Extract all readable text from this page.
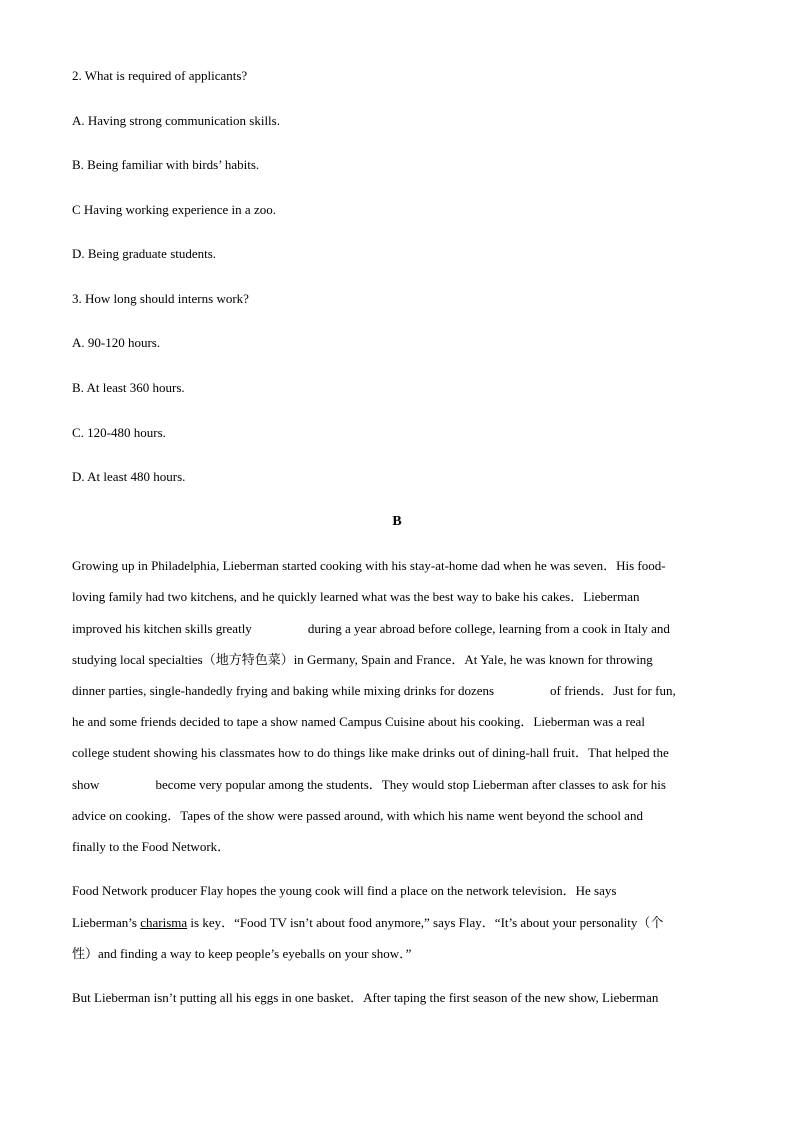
2. What is required of applicants?
A. Having strong communication skills.
B. Being familiar with birds’ habits.
C Having working experience in a zoo.
D. Being graduate students.
3. How long should interns work?
A. 90-120 hours.
B. At least 360 hours.
C. 120-480 hours.
D. At least 480 hours.
B
Growing up in Philadelphia, Lieberman started cooking with his stay-at-home dad when he was seven．His food-
loving family had two kitchens, and he quickly learned what was the best way to bake his cakes．Lieberman
improved his kitchen skills greatly	during a year abroad before college, learning from a cook in Italy and
studying local specialties（地方特色菜）in Germany, Spain and France．At Yale, he was known for throwing
dinner parties, single-handedly frying and baking while mixing drinks for dozens	of friends．Just for fun,
he and some friends decided to tape a show named Campus Cuisine about his cooking．Lieberman was a real
college student showing his classmates how to do things like make drinks out of dining-hall fruit．That helped the
show	become very popular among the students．They would stop Lieberman after classes to ask for his
advice on cooking．Tapes of the show were passed around, with which his name went beyond the school and
finally to the Food Network．
Food Network producer Flay hopes the young cook will find a place on the network television．He says
Lieberman’s charisma is key．“Food TV isn’t about food anymore,” says Flay．“It’s about your personality（个
性）and finding a way to keep people’s eyeballs on your show．”
But Lieberman isn’t putting all his eggs in one basket．After taping the first season of the new show, Lieberman
